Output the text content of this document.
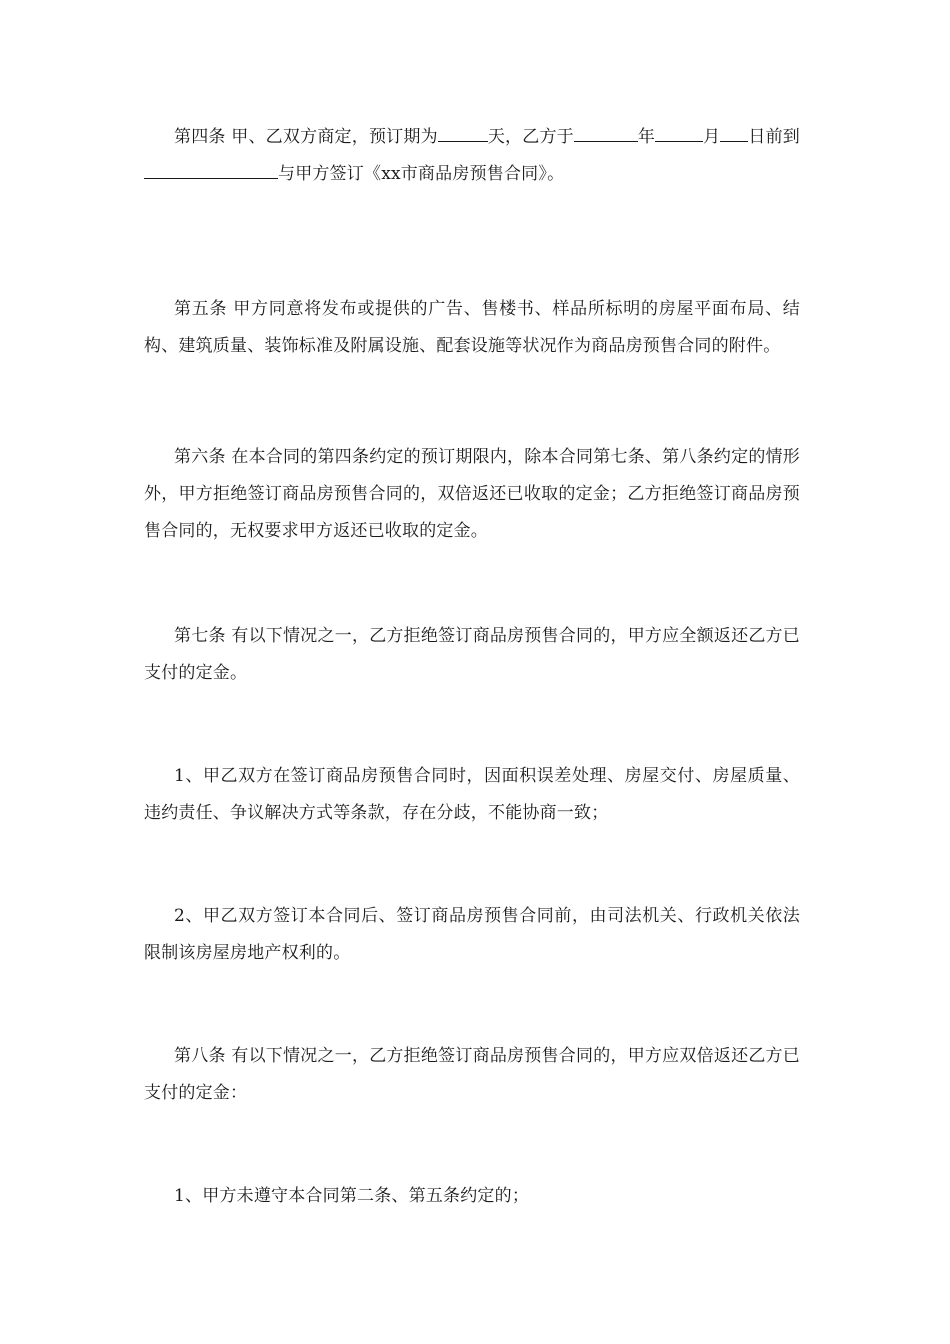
第四条 甲、乙双方商定，预订期为	天，乙方于	年	月 日前到与甲方签订《xx市商品房预售合同》。

第五条 甲方同意将发布或提供的广告、售楼书、样品所标明的房屋平面布局、结构、建筑质量、装饰标准及附属设施、配套设施等状况作为商品房预售合同的附件。

第六条 在本合同的第四条约定的预订期限内，除本合同第七条、第八条约定的情形外，甲方拒绝签订商品房预售合同的，双倍返还已收取的定金；乙方拒绝签订商品房预售合同的，无权要求甲方返还已收取的定金。

第七条 有以下情况之一，乙方拒绝签订商品房预售合同的，甲方应全额返还乙方已支付的定金。

1、甲乙双方在签订商品房预售合同时，因面积误差处理、房屋交付、房屋质量、违约责任、争议解决方式等条款，存在分歧，不能协商一致；

2、甲乙双方签订本合同后、签订商品房预售合同前，由司法机关、行政机关依法限制该房屋房地产权利的。

第八条 有以下情况之一，乙方拒绝签订商品房预售合同的，甲方应双倍返还乙方已支付的定金：

1、甲方未遵守本合同第二条、第五条约定的；
